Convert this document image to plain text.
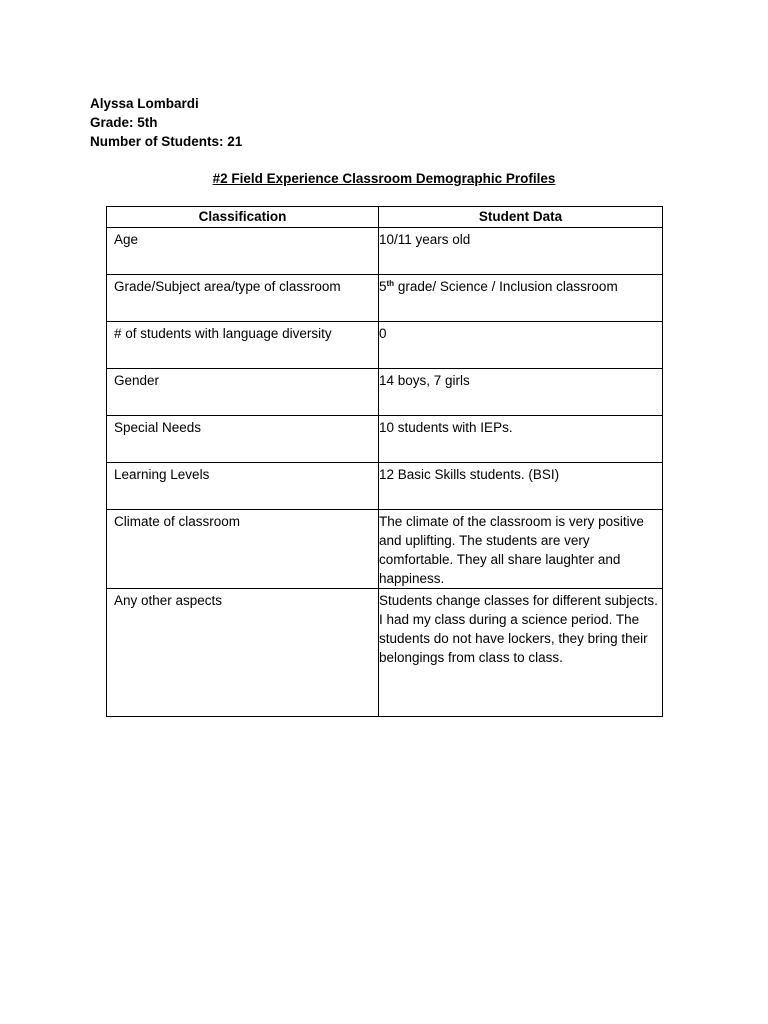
Alyssa Lombardi
Grade: 5th
Number of Students: 21
#2 Field Experience Classroom Demographic Profiles
Classification	Student Data
Age	10/11 years old
Grade/Subject area/type of classroom	5th grade/ Science / Inclusion classroom
# of students with language diversity	0
Gender	14 boys, 7 girls
Special Needs	10 students with IEPs.
Learning Levels	12 Basic Skills students. (BSI)
Climate of classroom	The climate of the classroom is very positive and uplifting. The students are very comfortable. They all share laughter and happiness.
Any other aspects	Students change classes for different subjects. I had my class during a science period. The students do not have lockers, they bring their belongings from class to class.
